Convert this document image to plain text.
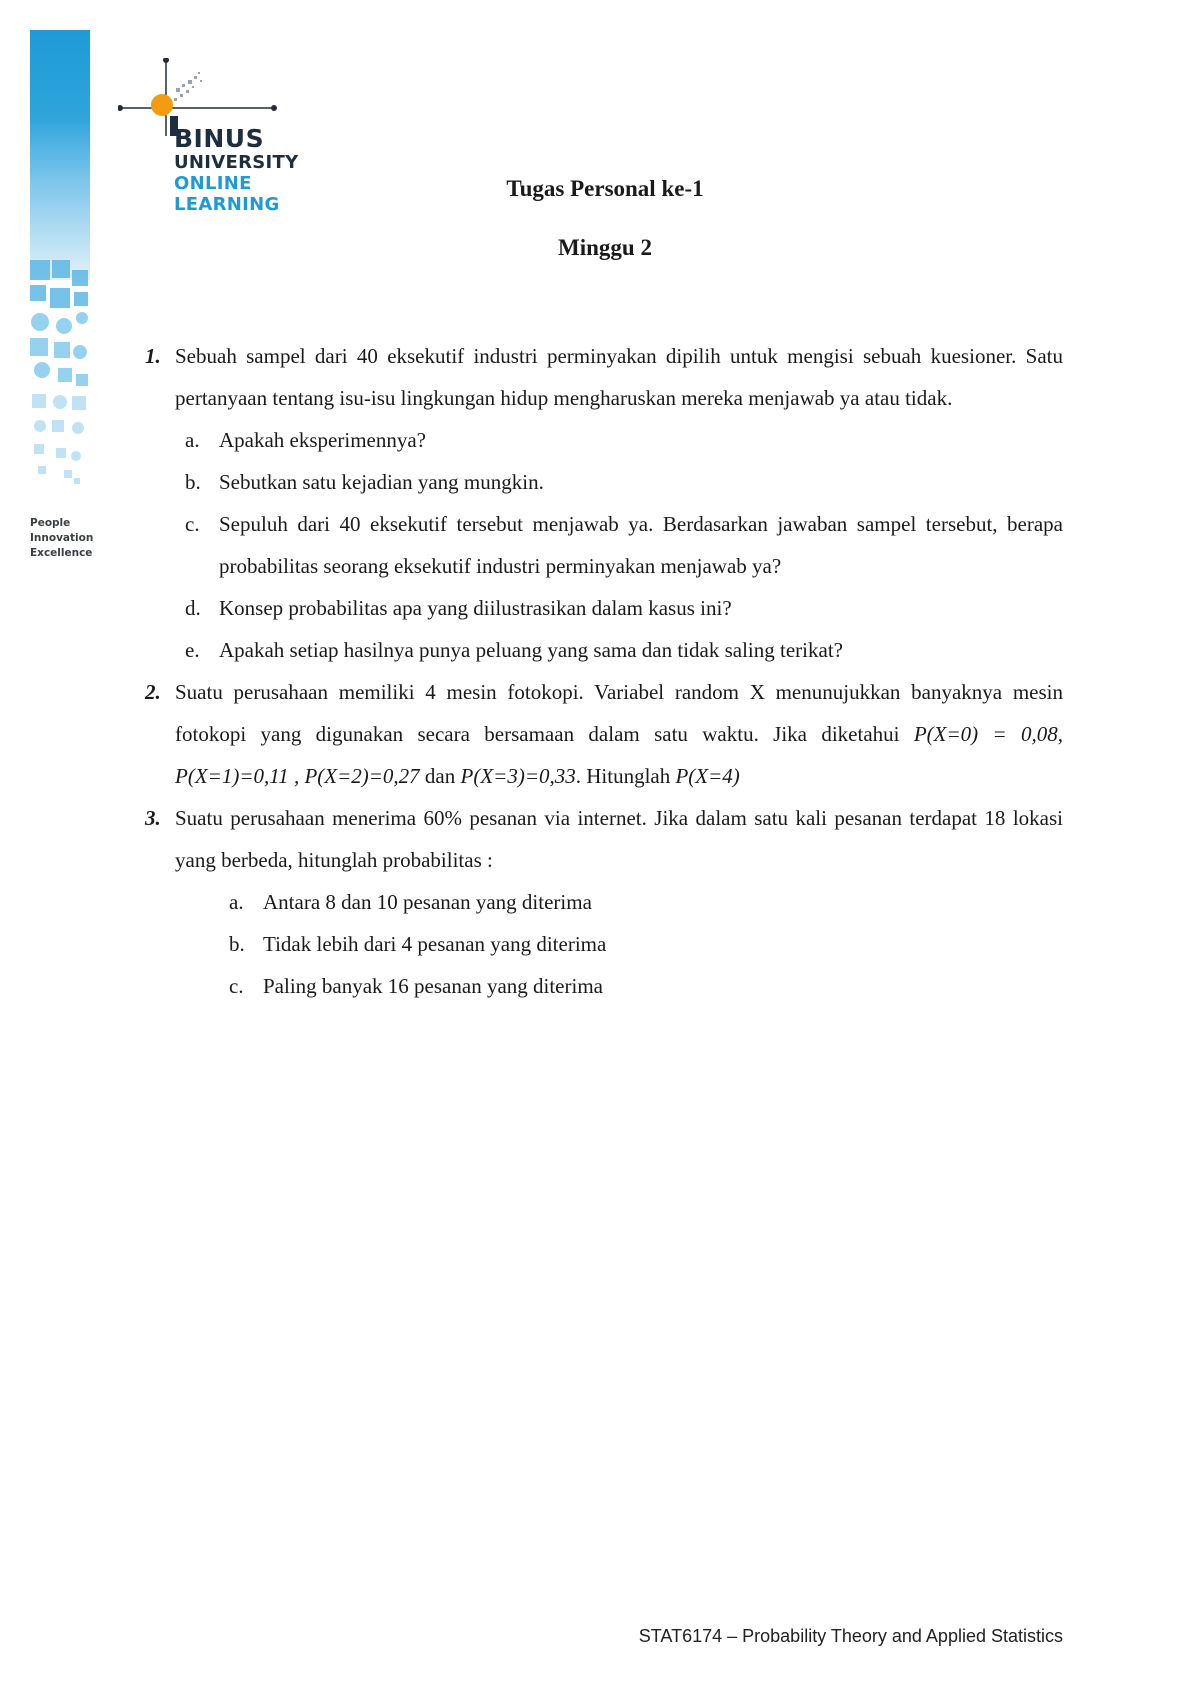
BINUS
UNIVERSITY
ONLINE
LEARNING
People
Innovation
Excellence
Tugas Personal ke-1
Minggu 2
1. Sebuah sampel dari 40 eksekutif industri perminyakan dipilih untuk mengisi sebuah kuesioner. Satu pertanyaan tentang isu-isu lingkungan hidup mengharuskan mereka menjawab ya atau tidak.
a. Apakah eksperimennya?
b. Sebutkan satu kejadian yang mungkin.
c. Sepuluh dari 40 eksekutif tersebut menjawab ya. Berdasarkan jawaban sampel tersebut, berapa probabilitas seorang eksekutif industri perminyakan menjawab ya?
d. Konsep probabilitas apa yang diilustrasikan dalam kasus ini?
e. Apakah setiap hasilnya punya peluang yang sama dan tidak saling terikat?
2. Suatu perusahaan memiliki 4 mesin fotokopi. Variabel random X menunujukkan banyaknya mesin fotokopi yang digunakan secara bersamaan dalam satu waktu. Jika diketahui P(X=0) = 0,08, P(X=1)=0,11 , P(X=2)=0,27 dan P(X=3)=0,33. Hitunglah P(X=4)
3. Suatu perusahaan menerima 60% pesanan via internet. Jika dalam satu kali pesanan terdapat 18 lokasi yang berbeda, hitunglah probabilitas :
a. Antara 8 dan 10 pesanan yang diterima
b. Tidak lebih dari 4 pesanan yang diterima
c. Paling banyak 16 pesanan yang diterima
STAT6174 – Probability Theory and Applied Statistics
